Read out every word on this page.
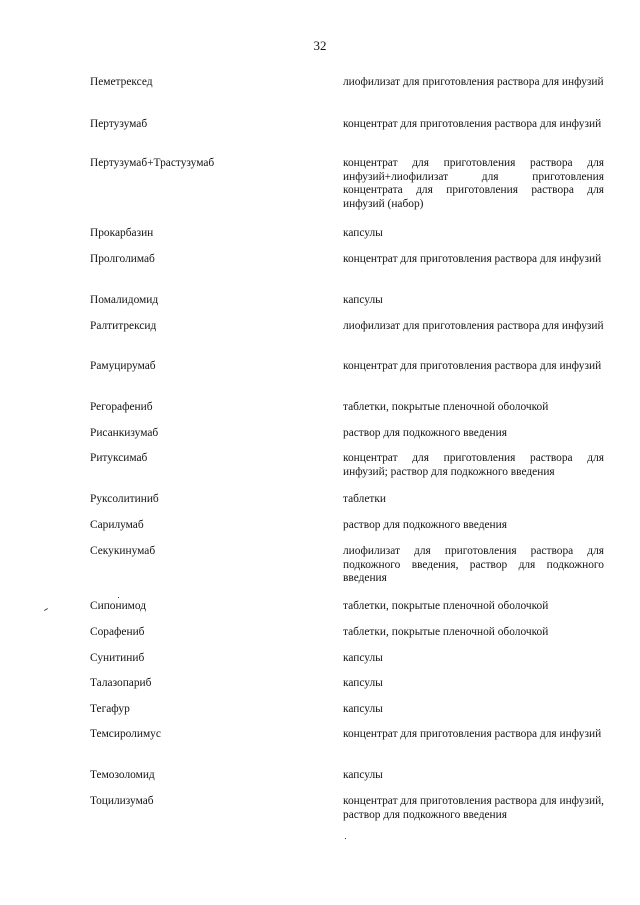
32
Пеметрексед	лиофилизат для приготовления раствора для инфузий
Пертузумаб	концентрат для приготовления раствора для инфузий
Пертузумаб+Трастузумаб	концентрат для приготовления раствора для инфузий+лиофилизат для приготовления концентрата для приготовления раствора для инфузий (набор)
Прокарбазин	капсулы
Пролголимаб	концентрат для приготовления раствора для инфузий
Помалидомид	капсулы
Ралтитрексид	лиофилизат для приготовления раствора для инфузий
Рамуцирумаб	концентрат для приготовления раствора для инфузий
Регорафениб	таблетки, покрытые пленочной оболочкой
Рисанкизумаб	раствор для подкожного введения
Ритуксимаб	концентрат для приготовления раствора для инфузий; раствор для подкожного введения
Руксолитиниб	таблетки
Сарилумаб	раствор для подкожного введения
Секукинумаб	лиофилизат для приготовления раствора для подкожного введения, раствор для подкожного введения
Сипонимод	таблетки, покрытые пленочной оболочкой
Сорафениб	таблетки, покрытые пленочной оболочкой
Сунитиниб	капсулы
Талазопариб	капсулы
Тегафур	капсулы
Темсиролимус	концентрат для приготовления раствора для инфузий
Темозоломид	капсулы
Тоцилизумаб	концентрат для приготовления раствора для инфузий, раствор для подкожного введения
